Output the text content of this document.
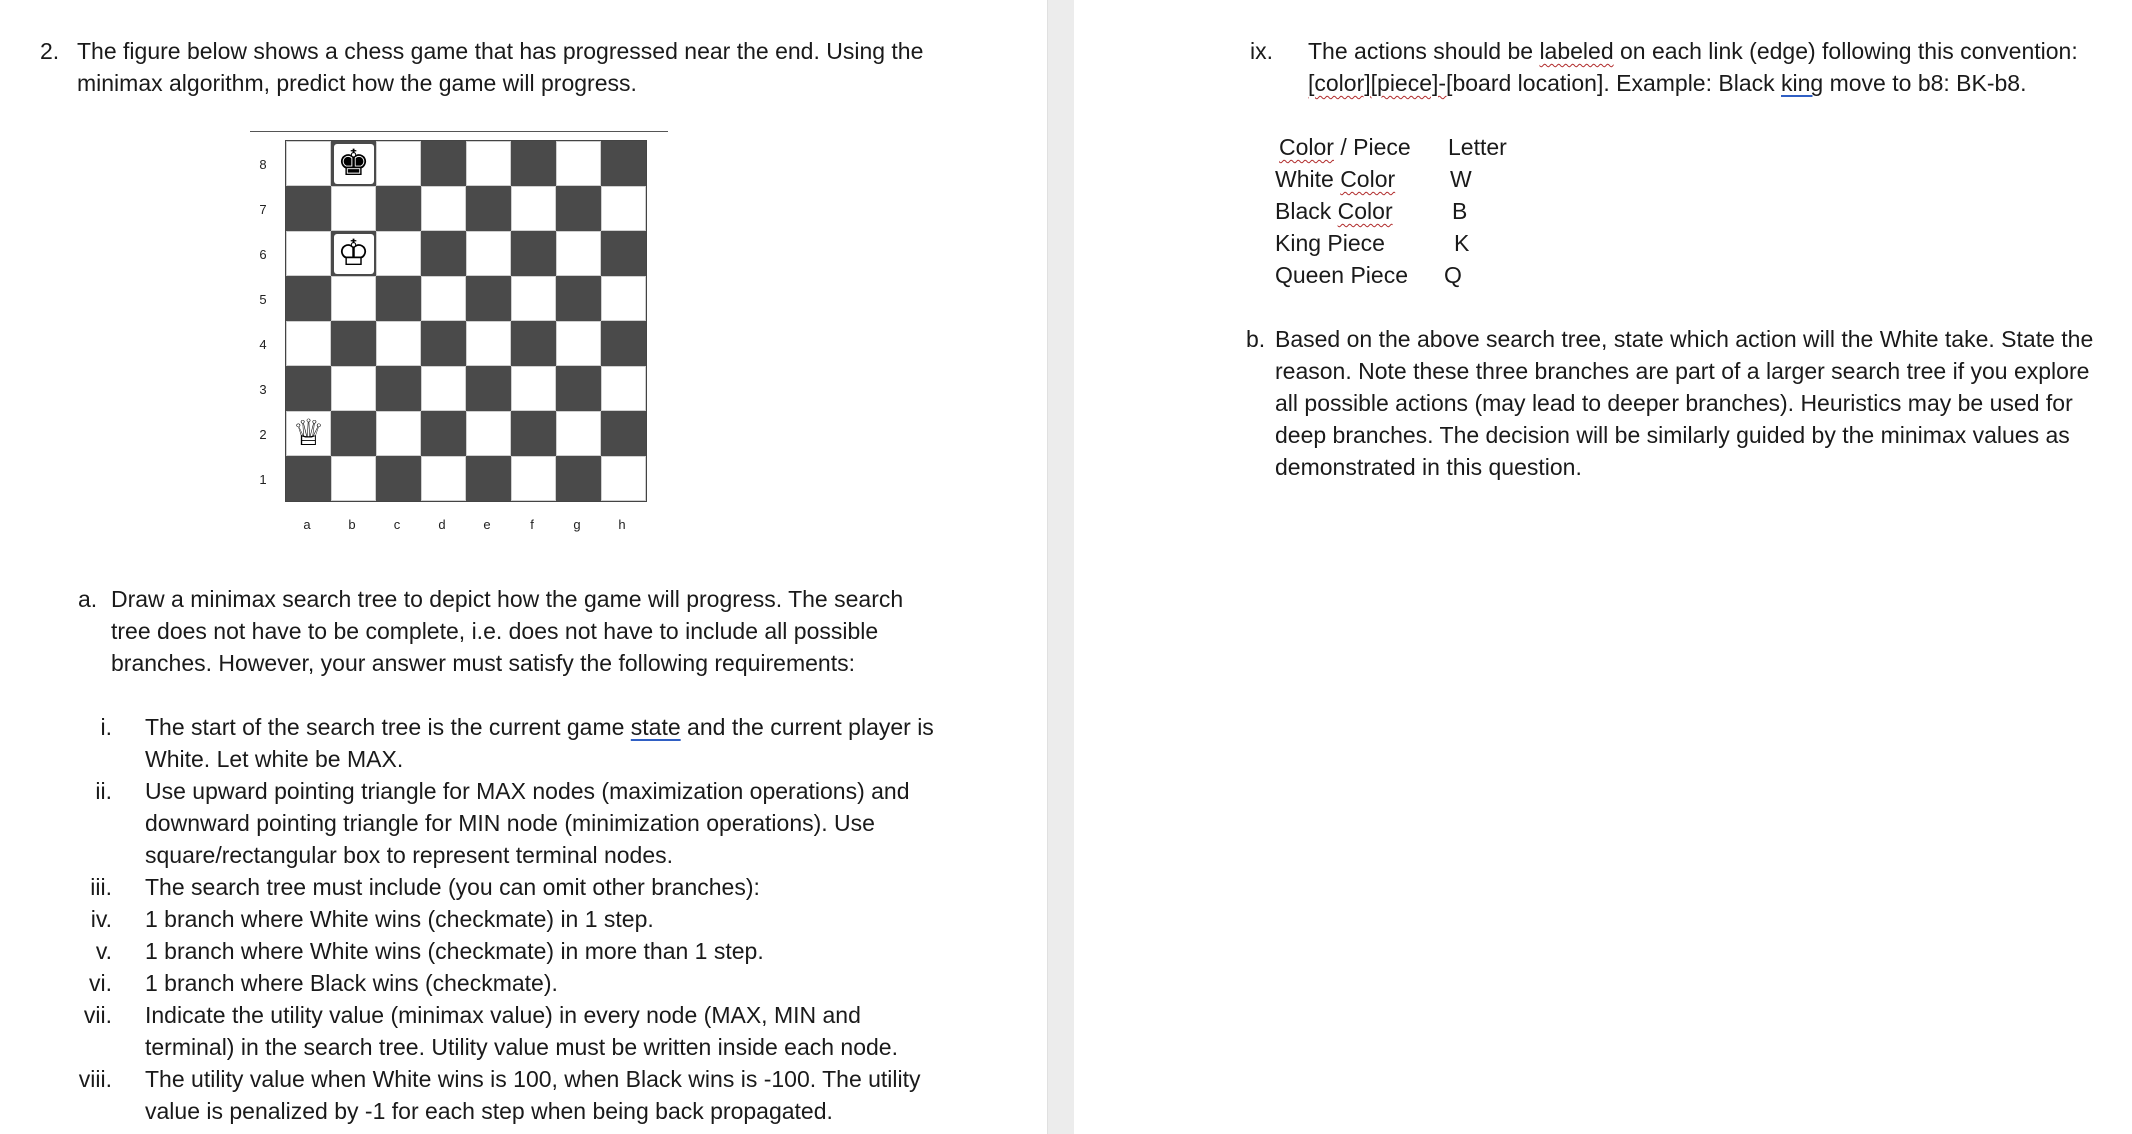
2. The figure below shows a chess game that has progressed near the end. Using the
minimax algorithm, predict how the game will progress.
♚
♔
♕
8
7
6
5
4
3
2
1
a	b	c	d	e	f	g	h
a. Draw a minimax search tree to depict how the game will progress. The search
tree does not have to be complete, i.e. does not have to include all possible
branches. However, your answer must satisfy the following requirements:
i. The start of the search tree is the current game state and the current player is
White. Let white be MAX.
ii. Use upward pointing triangle for MAX nodes (maximization operations) and
downward pointing triangle for MIN node (minimization operations). Use
square/rectangular box to represent terminal nodes.
iii. The search tree must include (you can omit other branches):
iv. 1 branch where White wins (checkmate) in 1 step.
v. 1 branch where White wins (checkmate) in more than 1 step.
vi. 1 branch where Black wins (checkmate).
vii. Indicate the utility value (minimax value) in every node (MAX, MIN and
terminal) in the search tree. Utility value must be written inside each node.
viii. The utility value when White wins is 100, when Black wins is -100. The utility
value is penalized by -1 for each step when being back propagated.
ix.	The actions should be labeled on each link (edge) following this convention:
[color][piece]-[board location]. Example: Black king move to b8: BK-b8.
Color / Piece Letter
White Color W
Black Color	B
King Piece	K
Queen Piece Q
b. Based on the above search tree, state which action will the White take. State the
reason. Note these three branches are part of a larger search tree if you explore
all possible actions (may lead to deeper branches). Heuristics may be used for
deep branches. The decision will be similarly guided by the minimax values as
demonstrated in this question.
